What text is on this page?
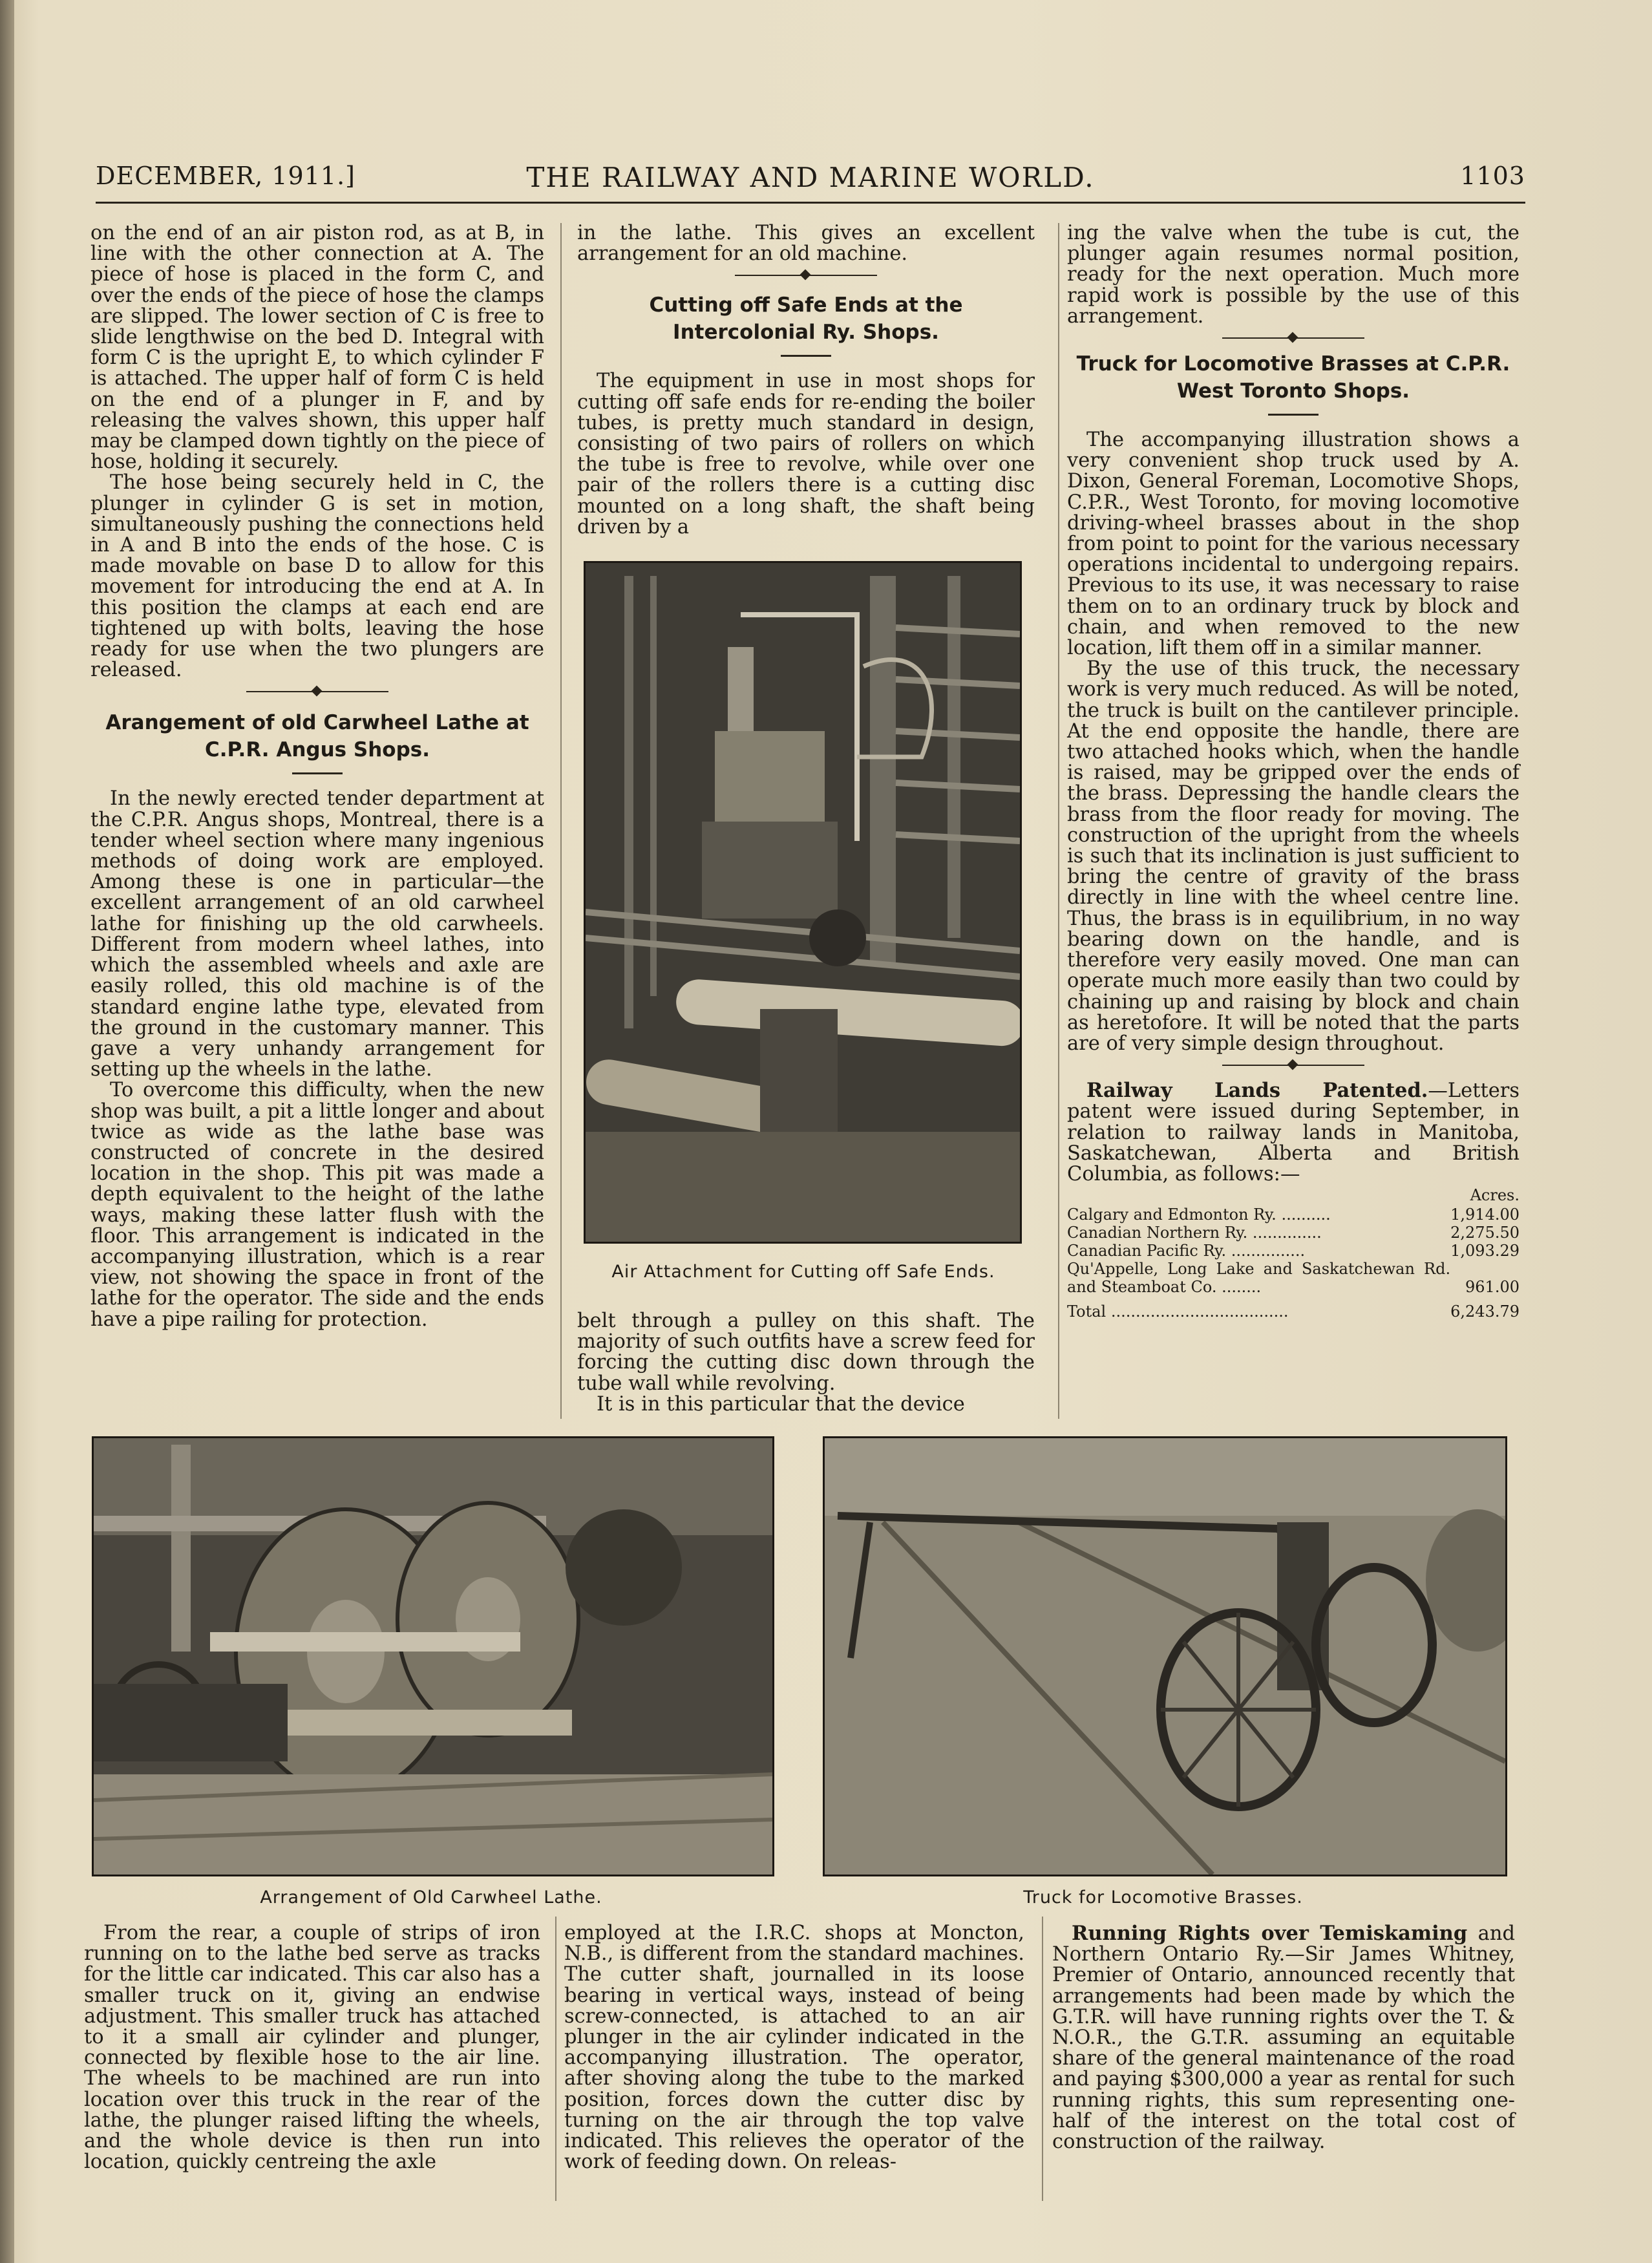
DECEMBER, 1911.]	THE RAILWAY AND MARINE WORLD.	1103

on the end of an air piston rod, as at B, in line with the other connection at A. The piece of hose is placed in the form C, and over the ends of the piece of hose the clamps are slipped. The lower section of C is free to slide lengthwise on the bed D. Integral with form C is the upright E, to which cylinder F is attached. The upper half of form C is held on the end of a plunger in F, and by releasing the valves shown, this upper half may be clamped down tightly on the piece of hose, holding it securely.

The hose being securely held in C, the plunger in cylinder G is set in motion, simultaneously pushing the connections held in A and B into the ends of the hose. C is made movable on base D to allow for this movement for introducing the end at A. In this position the clamps at each end are tightened up with bolts, leaving the hose ready for use when the two plungers are released.

Arangement of old Carwheel Lathe at C.P.R. Angus Shops.

In the newly erected tender department at the C.P.R. Angus shops, Montreal, there is a tender wheel section where many ingenious methods of doing work are employed. Among these is one in particular—the excellent arrangement of an old carwheel lathe for finishing up the old carwheels. Different from modern wheel lathes, into which the assembled wheels and axle are easily rolled, this old machine is of the standard engine lathe type, elevated from the ground in the customary manner. This gave a very unhandy arrangement for setting up the wheels in the lathe.

To overcome this difficulty, when the new shop was built, a pit a little longer and about twice as wide as the lathe base was constructed of concrete in the desired location in the shop. This pit was made a depth equivalent to the height of the lathe ways, making these latter flush with the floor. This arrangement is indicated in the accompanying illustration, which is a rear view, not showing the space in front of the lathe for the operator. The side and the ends have a pipe railing for protection.

in the lathe. This gives an excellent arrangement for an old machine.

Cutting off Safe Ends at the Intercolonial Ry. Shops.

The equipment in use in most shops for cutting off safe ends for re-ending the boiler tubes, is pretty much standard in design, consisting of two pairs of rollers on which the tube is free to revolve, while over one pair of the rollers there is a cutting disc mounted on a long shaft, the shaft being driven by a

Air Attachment for Cutting off Safe Ends.

belt through a pulley on this shaft. The majority of such outfits have a screw feed for forcing the cutting disc down through the tube wall while revolving.

It is in this particular that the device

ing the valve when the tube is cut, the plunger again resumes normal position, ready for the next operation. Much more rapid work is possible by the use of this arrangement.

Truck for Locomotive Brasses at C.P.R. West Toronto Shops.

The accompanying illustration shows a very convenient shop truck used by A. Dixon, General Foreman, Locomotive Shops, C.P.R., West Toronto, for moving locomotive driving-wheel brasses about in the shop from point to point for the various necessary operations incidental to undergoing repairs. Previous to its use, it was necessary to raise them on to an ordinary truck by block and chain, and when removed to the new location, lift them off in a similar manner.

By the use of this truck, the necessary work is very much reduced. As will be noted, the truck is built on the cantilever principle. At the end opposite the handle, there are two attached hooks which, when the handle is raised, may be gripped over the ends of the brass. Depressing the handle clears the brass from the floor ready for moving. The construction of the upright from the wheels is such that its inclination is just sufficient to bring the centre of gravity of the brass directly in line with the wheel centre line. Thus, the brass is in equilibrium, in no way bearing down on the handle, and is therefore very easily moved. One man can operate much more easily than two could by chaining up and raising by block and chain as heretofore. It will be noted that the parts are of very simple design throughout.

Railway Lands Patented.—Letters patent were issued during September, in relation to railway lands in Manitoba, Saskatchewan, Alberta and British Columbia, as follows:—

Acres.
Calgary and Edmonton Ry. ..........	1,914.00
Canadian Northern Ry. ..............	2,275.50
Canadian Pacific Ry. ...............	1,093.29
Qu'Appelle, Long Lake and Saskatchewan Rd. and Steamboat Co. ........	961.00
Total ....................................	6,243.79
Arrangement of Old Carwheel Lathe.	Truck for Locomotive Brasses.

From the rear, a couple of strips of iron running on to the lathe bed serve as tracks for the little car indicated. This car also has a smaller truck on it, giving an endwise adjustment. This smaller truck has attached to it a small air cylinder and plunger, connected by flexible hose to the air line. The wheels to be machined are run into location over this truck in the rear of the lathe, the plunger raised lifting the wheels, and the whole device is then run into location, quickly centreing the axle

employed at the I.R.C. shops at Moncton, N.B., is different from the standard machines. The cutter shaft, journalled in its loose bearing in vertical ways, instead of being screw-connected, is attached to an air plunger in the air cylinder indicated in the accompanying illustration. The operator, after shoving along the tube to the marked position, forces down the cutter disc by turning on the air through the top valve indicated. This relieves the operator of the work of feeding down. On releas-

Running Rights over Temiskaming and Northern Ontario Ry.—Sir James Whitney, Premier of Ontario, announced recently that arrangements had been made by which the G.T.R. will have running rights over the T. & N.O.R., the G.T.R. assuming an equitable share of the general maintenance of the road and paying $300,000 a year as rental for such running rights, this sum representing one-half of the interest on the total cost of construction of the railway.
